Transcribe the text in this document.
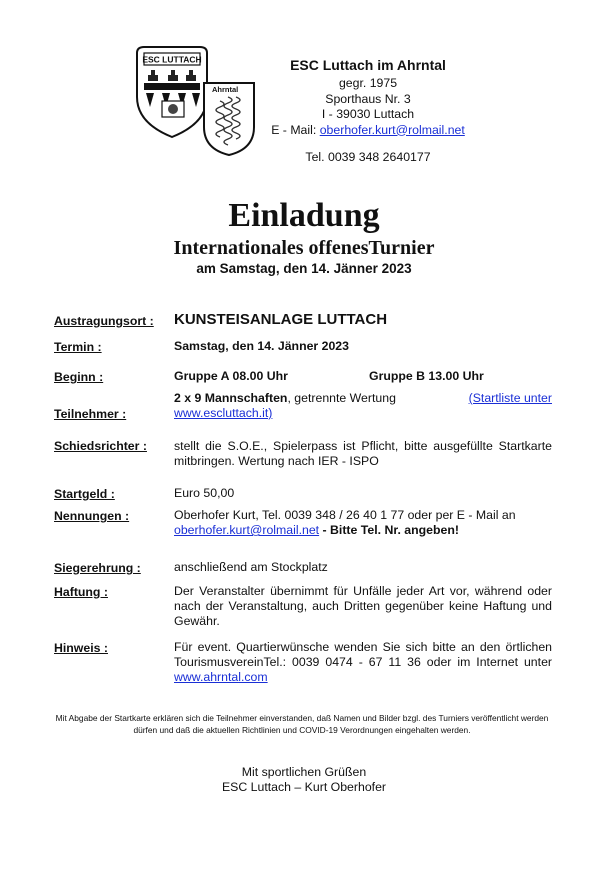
ESC LUTTACH
Ahrntal
ESC Luttach im Ahrntal
gegr. 1975
Sporthaus Nr. 3
I - 39030 Luttach
E - Mail: oberhofer.kurt@rolmail.net
Tel. 0039 348 2640177
Einladung
Internationales offenesTurnier
am Samstag, den 14. Jänner 2023
Austragungsort : KUNSTEISANLAGE LUTTACH
Termin :	Samstag, den 14. Jänner 2023
Beginn :	Gruppe A 08.00 Uhr	Gruppe B 13.00 Uhr
Teilnehmer :
2 x 9 Mannschaften, getrennte Wertung	(Startliste unter
www.escluttach.it)
Schiedsrichter : stellt die S.O.E., Spielerpass ist Pflicht, bitte ausgefüllte Startkarte mitbringen. Wertung nach IER - ISPO
Startgeld :	Euro 50,00
Nennungen :	Oberhofer Kurt, Tel. 0039 348 / 26 40 1 77 oder per E - Mail an
oberhofer.kurt@rolmail.net - Bitte Tel. Nr. angeben!
Siegerehrung :	anschließend am Stockplatz
Haftung :	Der Veranstalter übernimmt für Unfälle jeder Art vor, während oder nach der Veranstaltung, auch Dritten gegenüber keine Haftung und Gewähr.
Hinweis :	Für event. Quartierwünsche wenden Sie sich bitte an den örtlichen TourismusvereinTel.: 0039 0474 - 67 11 36 oder im Internet unter www.ahrntal.com
Mit Abgabe der Startkarte erklären sich die Teilnehmer einverstanden, daß Namen und Bilder bzgl. des Turniers veröffentlicht werden dürfen und daß die aktuellen Richtlinien und COVID-19 Verordnungen eingehalten werden.
Mit sportlichen Grüßen
ESC Luttach – Kurt Oberhofer
